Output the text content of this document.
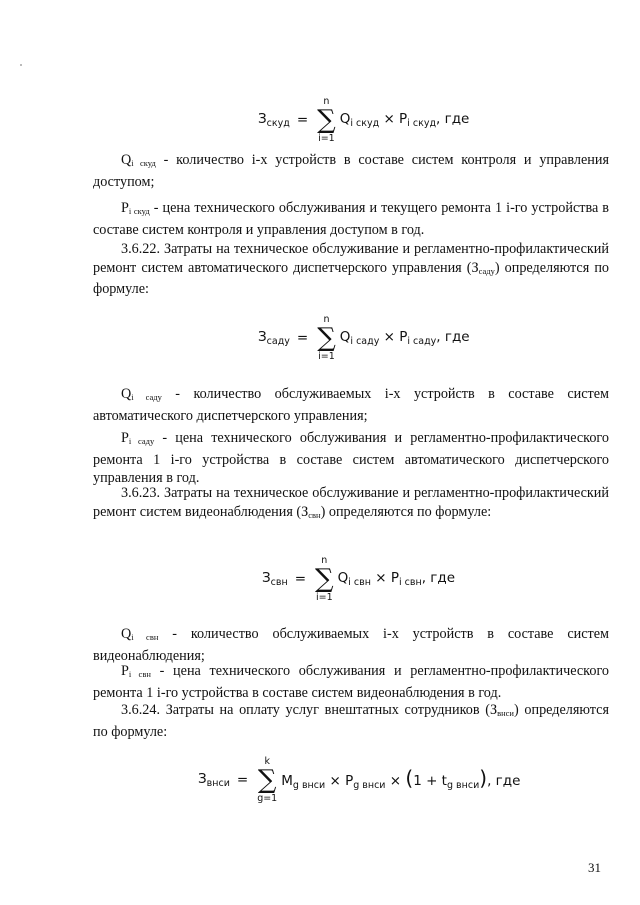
$З_{скуд}$ =
n
∑
i=1
$Q_{i скуд} \times P_{i скуд}$, где

$Q_{i скуд}$ - количество i-х устройств в составе систем контроля и управления доступом;

$P_{i скуд}$ - цена технического обслуживания и текущего ремонта 1 i-го устройства в составе систем контроля и управления доступом в год.

3.6.22. Затраты на техническое обслуживание и регламентно-профилактический ремонт систем автоматического диспетчерского управления $(З_{саду})$ определяются по формуле:

$З_{саду}$ =
n
∑
i=1
$Q_{i саду} \times P_{i саду}$, где

$Q_{i саду}$ - количество обслуживаемых i-х устройств в составе систем автоматического диспетчерского управления;

$P_{i саду}$ - цена технического обслуживания и регламентно-профилактического ремонта 1 i-го устройства в составе систем автоматического диспетчерского управления в год.

3.6.23. Затраты на техническое обслуживание и регламентно-профилактический ремонт систем видеонаблюдения $(З_{свн})$ определяются по формуле:

$З_{свн}$ =
n
∑
i=1
$Q_{i свн} \times P_{i свн}$, где

$Q_{i свн}$ - количество обслуживаемых i-х устройств в составе систем видеонаблюдения;

$P_{i свн}$ - цена технического обслуживания и регламентно-профилактического ремонта 1 i-го устройства в составе систем видеонаблюдения в год.

3.6.24. Затраты на оплату услуг внештатных сотрудников $(З_{внси})$ определяются по формуле:

$З_{внси}$ =
k
∑
g=1
$M_{g внси} \times P_{g внси} \times (1 + t_{g внси})$, где
31
